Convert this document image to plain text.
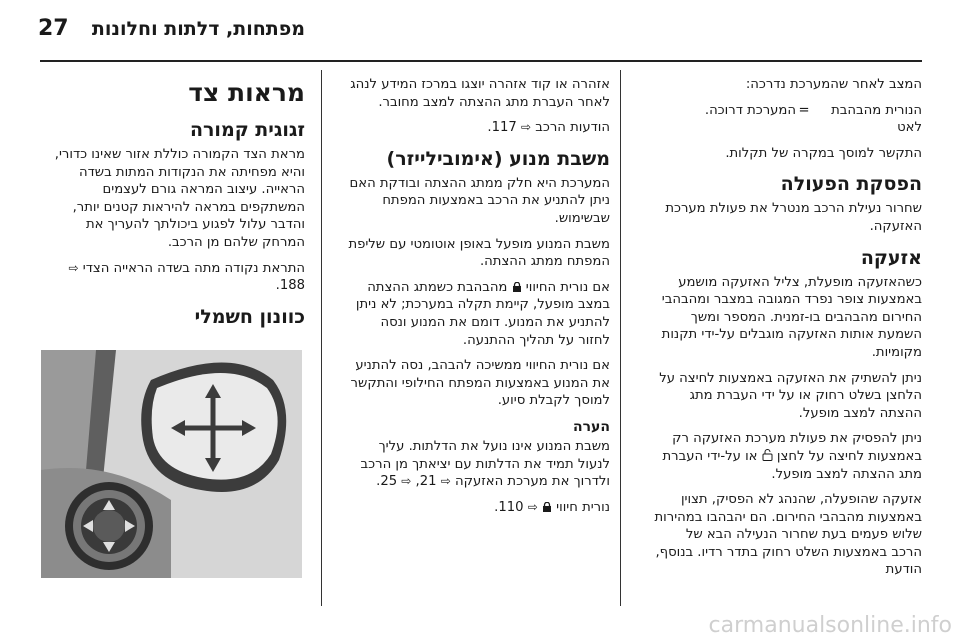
27 מפתחות, דלתות וחלונות

המצב לאחר שהמערכת נדרכה:

הנורית מהבהבת לאט
=
המערכת דרוכה.

התקשר למוסך במקרה של תקלות.

הפסקת הפעולה

שחרור נעילת הרכב מנטרל את פעולת מערכת האזעקה.

אזעקה

כשהאזעקה מופעלת, צליל האזעקה מושמע באמצעות צופר נפרד המגובה במצבר ומהבהבי החירום מהבהבים בו-זמנית. המספר ומשך השמעת אותות האזעקה מוגבלים על-ידי תקנות מקומיות.

ניתן להשתיק את האזעקה באמצעות לחיצה על הלחצן בשלט רחוק או על ידי העברת מתג ההצתה למצב מופעל.

ניתן להפסיק את פעולת מערכת האזעקה רק באמצעות לחיצה על לחצן  או על-ידי העברת מתג ההצתה למצב מופעל.

אזעקה שהופעלה, שהנהג לא הפסיק, תצוין באמצעות מהבהבי החירום. הם יהבהבו במהירות שלוש פעמים בעת שחרור הנעילה הבא של הרכב באמצעות השלט רחוק בתדר רדיו. בנוסף, הודעת

אזהרה או קוד אזהרה יוצגו במרכז המידע לנהג לאחר העברת מתג ההצתה למצב מחובר.

הודעות הרכב ⇨ 117.

משבת מנוע (אימובילייזר)

המערכת היא חלק ממתג ההצתה ובודקת האם ניתן להתניע את הרכב באמצעות המפתח שבשימוש.

משבת המנוע מופעל באופן אוטומטי עם שליפת המפתח ממתג ההצתה.

אם נורית החיווי  מהבהבת כשמתג ההצתה במצב מופעל, קיימת תקלה במערכת; לא ניתן להתניע את המנוע. דומם את המנוע ונסה לחזור על תהליך ההתנעה.

אם נורית החיווי ממשיכה להבהב, נסה להתניע את המנוע באמצעות המפתח החילופי והתקשר למוסך לקבלת סיוע.

הערה

משבת המנוע אינו נועל את הדלתות. עליך לנעול תמיד את הדלתות עם יציאתך מן הרכב ולדרוך את מערכת האזעקה ⇨ 21, ⇨ 25.

נורית חיווי  ⇨ 110.

מראות צד
זגוגית קמורה

מראת הצד הקמורה כוללת אזור שאינו כדורי, והיא מפחיתה את הנקודות המתות בשדה הראייה. עיצוב המראה גורם לעצמים המשתקפים במראה להיראות קטנים יותר, והדבר עלול לפגוע ביכולתך להעריך את המרחק שלהם מן הרכב.

התראת נקודה מתה בשדה הראייה הצדי ⇨ 188.

כוונון חשמלי
carmanualsonline.info
